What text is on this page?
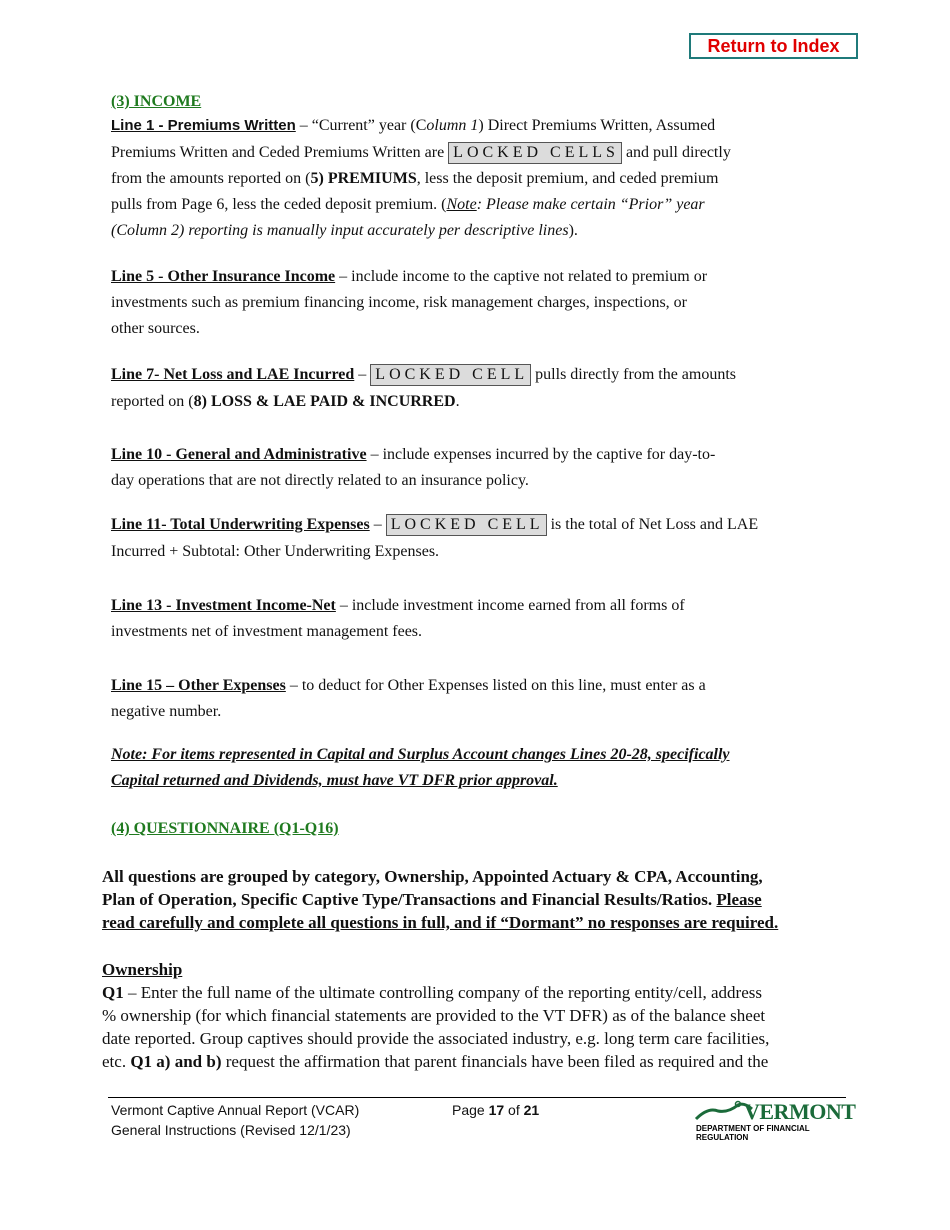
Return to Index
(3) INCOME
Line 1 - Premiums Written – “Current” year (Column 1) Direct Premiums Written, Assumed
Premiums Written and Ceded Premiums Written are LOCKED CELLS and pull directly
from the amounts reported on (5) PREMIUMS, less the deposit premium, and ceded premium
pulls from Page 6, less the ceded deposit premium. (Note: Please make certain “Prior” year
(Column 2) reporting is manually input accurately per descriptive lines).
Line 5 - Other Insurance Income – include income to the captive not related to premium or
investments such as premium financing income, risk management charges, inspections, or
other sources.
Line 7- Net Loss and LAE Incurred – LOCKED CELL pulls directly from the amounts
reported on (8) LOSS & LAE PAID & INCURRED.
Line 10 - General and Administrative – include expenses incurred by the captive for day-to-
day operations that are not directly related to an insurance policy.
Line 11- Total Underwriting Expenses – LOCKED CELL is the total of Net Loss and LAE
Incurred + Subtotal: Other Underwriting Expenses.
Line 13 - Investment Income-Net – include investment income earned from all forms of
investments net of investment management fees.
Line 15 – Other Expenses – to deduct for Other Expenses listed on this line, must enter as a
negative number.
Note: For items represented in Capital and Surplus Account changes Lines 20-28, specifically
Capital returned and Dividends, must have VT DFR prior approval.
(4) QUESTIONNAIRE (Q1-Q16)
All questions are grouped by category, Ownership, Appointed Actuary & CPA, Accounting,
Plan of Operation, Specific Captive Type/Transactions and Financial Results/Ratios. Please
read carefully and complete all questions in full, and if “Dormant” no responses are required.
Ownership
Q1 – Enter the full name of the ultimate controlling company of the reporting entity/cell, address
% ownership (for which financial statements are provided to the VT DFR) as of the balance sheet
date reported. Group captives should provide the associated industry, e.g. long term care facilities,
etc. Q1 a) and b) request the affirmation that parent financials have been filed as required and the
Vermont Captive Annual Report (VCAR)
General Instructions (Revised 12/1/23)
Page 17 of 21	VERMONT
DEPARTMENT OF FINANCIAL REGULATION
